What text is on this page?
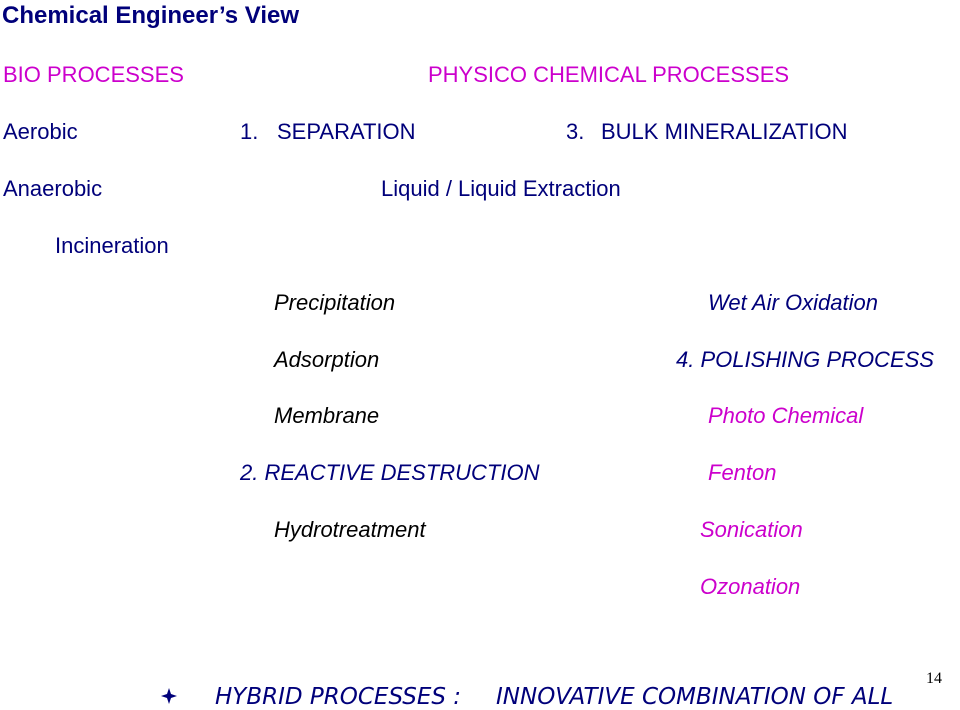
Chemical Engineer’s View
BIO PROCESSES	PHYSICO CHEMICAL PROCESSES
Aerobic	1. SEPARATION	3. BULK MINERALIZATION
Anaerobic	Liquid / Liquid Extraction
Incineration
Precipitation	Wet Air Oxidation
Adsorption	4. POLISHING PROCESS
Membrane	Photo Chemical
2. REACTIVE DESTRUCTION	Fenton
Hydrotreatment	Sonication
Ozonation
HYBRID PROCESSES : INNOVATIVE COMBINATION OF ALL
14
